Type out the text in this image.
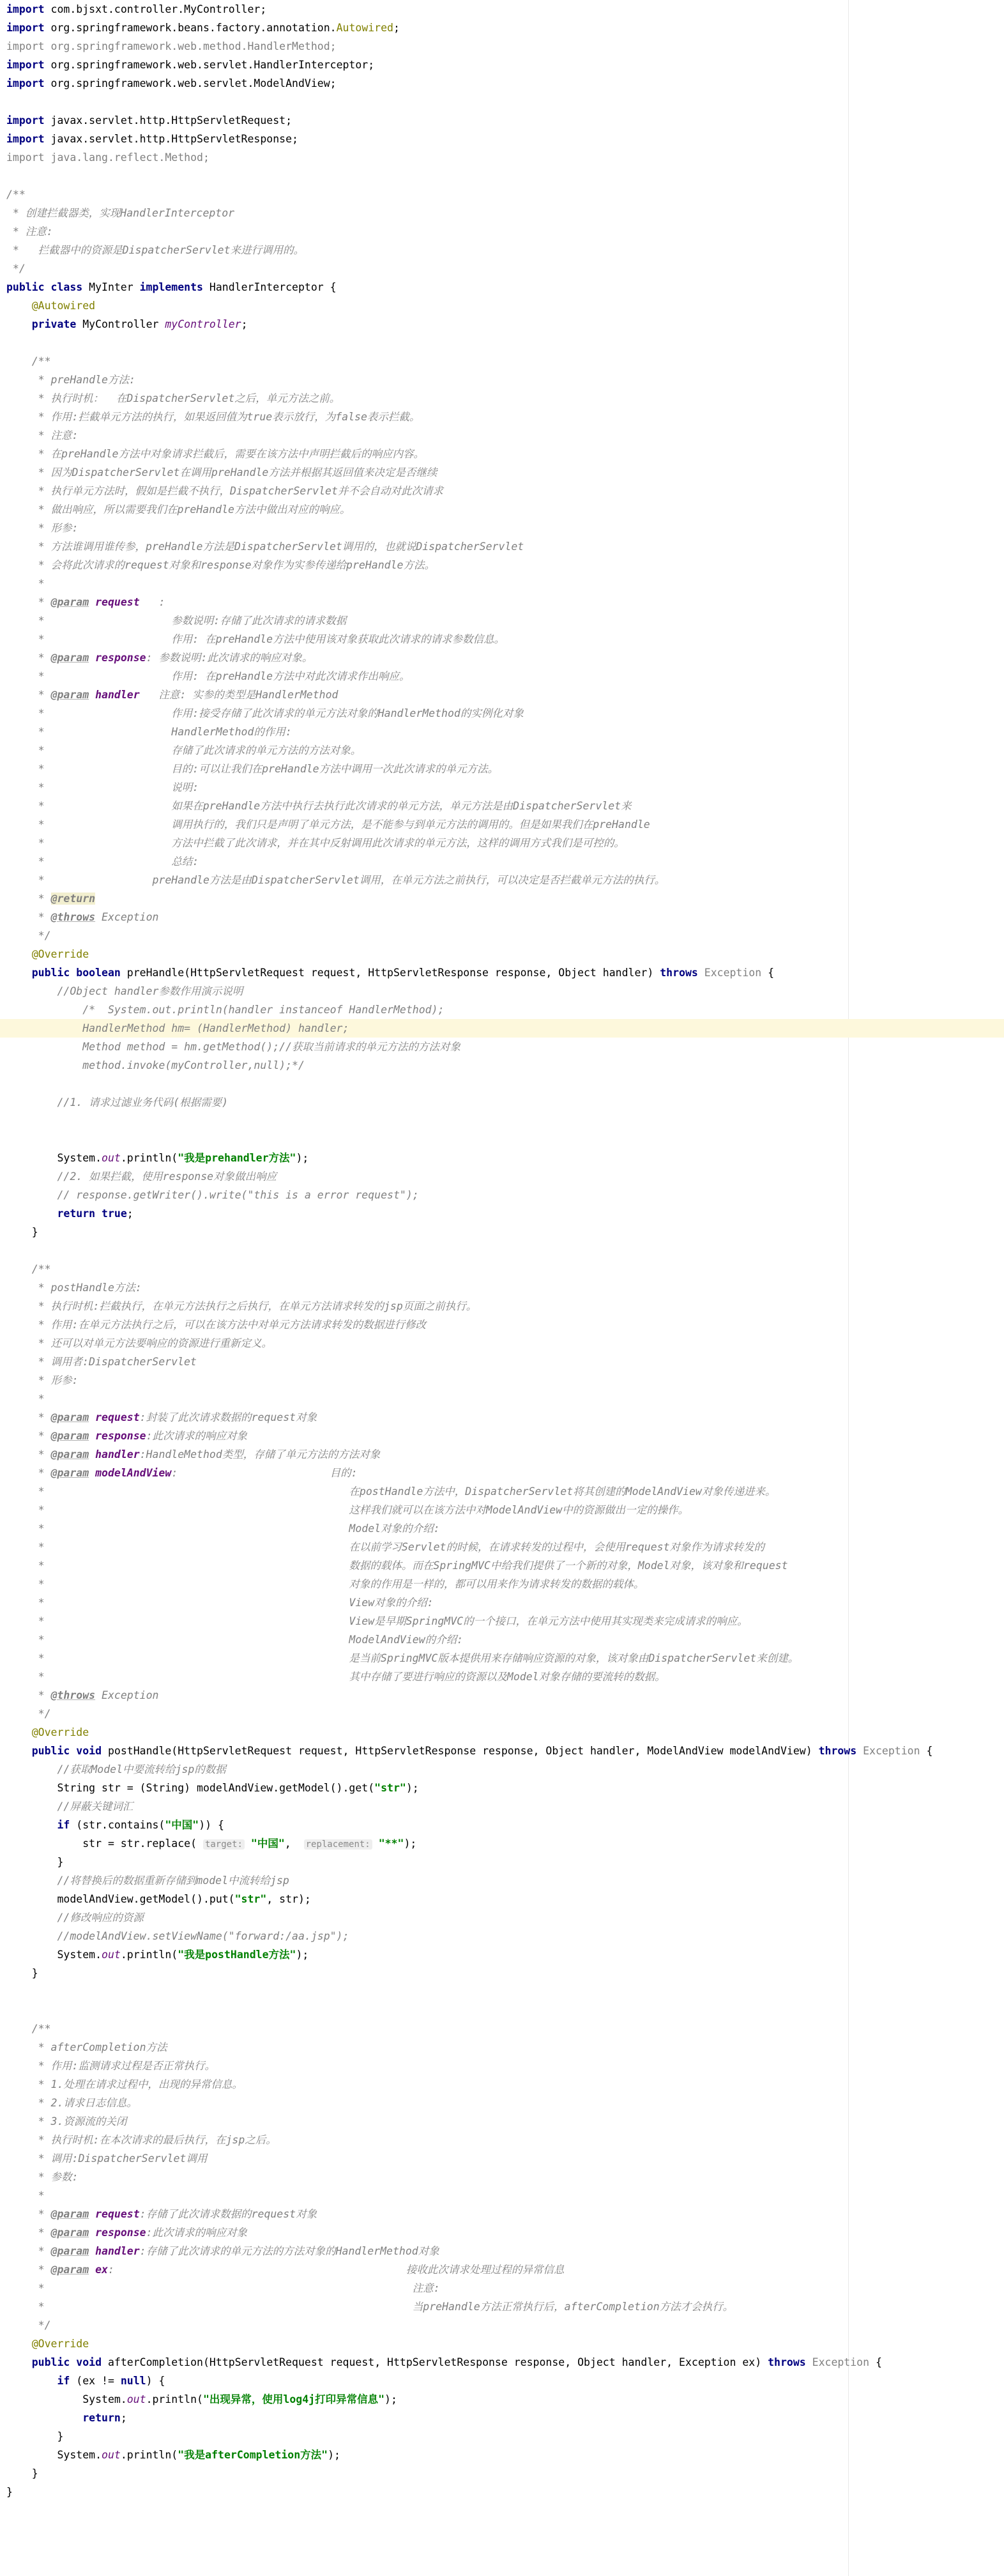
import com.bjsxt.controller.MyController;
import org.springframework.beans.factory.annotation.Autowired;
import org.springframework.web.method.HandlerMethod;
import org.springframework.web.servlet.HandlerInterceptor;
import org.springframework.web.servlet.ModelAndView;
import javax.servlet.http.HttpServletRequest;
import javax.servlet.http.HttpServletResponse;
import java.lang.reflect.Method;
/**
* 创建拦截器类，实现HandlerInterceptor
* 注意:
*   拦截器中的资源是DispatcherServlet来进行调用的。
*/
public class MyInter implements HandlerInterceptor {
@Autowired
private MyController myController;
/**
* preHandle方法:
* 执行时机：  在DispatcherServlet之后，单元方法之前。
* 作用:拦截单元方法的执行，如果返回值为true表示放行，为false表示拦截。
* 注意:
* 在preHandle方法中对象请求拦截后，需要在该方法中声明拦截后的响应内容。
* 因为DispatcherServlet在调用preHandle方法并根据其返回值来决定是否继续
* 执行单元方法时，假如是拦截不执行，DispatcherServlet并不会自动对此次请求
* 做出响应，所以需要我们在preHandle方法中做出对应的响应。
* 形参:
* 方法谁调用谁传参，preHandle方法是DispatcherServlet调用的，也就说DispatcherServlet
* 会将此次请求的request对象和response对象作为实参传递给preHandle方法。
*
* @param request   :
*                    参数说明:存储了此次请求的请求数据
*                    作用: 在preHandle方法中使用该对象获取此次请求的请求参数信息。
* @param response: 参数说明:此次请求的响应对象。
*                    作用: 在preHandle方法中对此次请求作出响应。
* @param handler   注意: 实参的类型是HandlerMethod
*                    作用:接受存储了此次请求的单元方法对象的HandlerMethod的实例化对象
*                    HandlerMethod的作用:
*                    存储了此次请求的单元方法的方法对象。
*                    目的:可以让我们在preHandle方法中调用一次此次请求的单元方法。
*                    说明:
*                    如果在preHandle方法中执行去执行此次请求的单元方法，单元方法是由DispatcherServlet来
*                    调用执行的，我们只是声明了单元方法，是不能参与到单元方法的调用的。但是如果我们在preHandle
*                    方法中拦截了此次请求，并在其中反射调用此次请求的单元方法，这样的调用方式我们是可控的。
*                    总结:
*                 preHandle方法是由DispatcherServlet调用，在单元方法之前执行，可以决定是否拦截单元方法的执行。
* @return
* @throws Exception
*/
@Override
public boolean preHandle(HttpServletRequest request, HttpServletResponse response, Object handler) throws Exception {
//Object handler参数作用演示说明
/*  System.out.println(handler instanceof HandlerMethod);
HandlerMethod hm= (HandlerMethod) handler;
Method method = hm.getMethod();//获取当前请求的单元方法的方法对象
method.invoke(myController,null);*/
//1. 请求过滤业务代码(根据需要)
System.out.println("我是prehandler方法");
//2. 如果拦截，使用response对象做出响应
// response.getWriter().write("this is a error request");
return true;
}
/**
* postHandle方法:
* 执行时机:拦截执行，在单元方法执行之后执行，在单元方法请求转发的jsp页面之前执行。
* 作用:在单元方法执行之后，可以在该方法中对单元方法请求转发的数据进行修改
* 还可以对单元方法要响应的资源进行重新定义。
* 调用者:DispatcherServlet
* 形参:
*
* @param request:封装了此次请求数据的request对象
* @param response:此次请求的响应对象
* @param handler:HandleMethod类型，存储了单元方法的方法对象
* @param modelAndView:                        目的:
*                                                在postHandle方法中，DispatcherServlet将其创建的ModelAndView对象传递进来。
*                                                这样我们就可以在该方法中对ModelAndView中的资源做出一定的操作。
*                                                Model对象的介绍:
*                                                在以前学习Servlet的时候，在请求转发的过程中，会使用request对象作为请求转发的
*                                                数据的载体。而在SpringMVC中给我们提供了一个新的对象，Model对象，该对象和request
*                                                对象的作用是一样的，都可以用来作为请求转发的数据的载体。
*                                                View对象的介绍:
*                                                View是早期SpringMVC的一个接口，在单元方法中使用其实现类来完成请求的响应。
*                                                ModelAndView的介绍:
*                                                是当前SpringMVC版本提供用来存储响应资源的对象，该对象由DispatcherServlet来创建。
*                                                其中存储了要进行响应的资源以及Model对象存储的要流转的数据。
* @throws Exception
*/
@Override
public void postHandle(HttpServletRequest request, HttpServletResponse response, Object handler, ModelAndView modelAndView) throws Exception {
//获取Model中要流转给jsp的数据
String str = (String) modelAndView.getModel().get("str");
//屏蔽关键词汇
if (str.contains("中国")) {
str = str.replace( target: "中国",  replacement: "**");
}
//将替换后的数据重新存储到model中流转给jsp
modelAndView.getModel().put("str", str);
//修改响应的资源
//modelAndView.setViewName("forward:/aa.jsp");
System.out.println("我是postHandle方法");
}
/**
* afterCompletion方法
* 作用:监测请求过程是否正常执行。
* 1.处理在请求过程中，出现的异常信息。
* 2.请求日志信息。
* 3.资源流的关闭
* 执行时机:在本次请求的最后执行，在jsp之后。
* 调用:DispatcherServlet调用
* 参数:
*
* @param request:存储了此次请求数据的request对象
* @param response:此次请求的响应对象
* @param handler:存储了此次请求的单元方法的方法对象的HandlerMethod对象
* @param ex:                                              接收此次请求处理过程的异常信息
*                                                          注意:
*                                                          当preHandle方法正常执行后，afterCompletion方法才会执行。
*/
@Override
public void afterCompletion(HttpServletRequest request, HttpServletResponse response, Object handler, Exception ex) throws Exception {
if (ex != null) {
System.out.println("出现异常，使用log4j打印异常信息");
return;
}
System.out.println("我是afterCompletion方法");
}
}
